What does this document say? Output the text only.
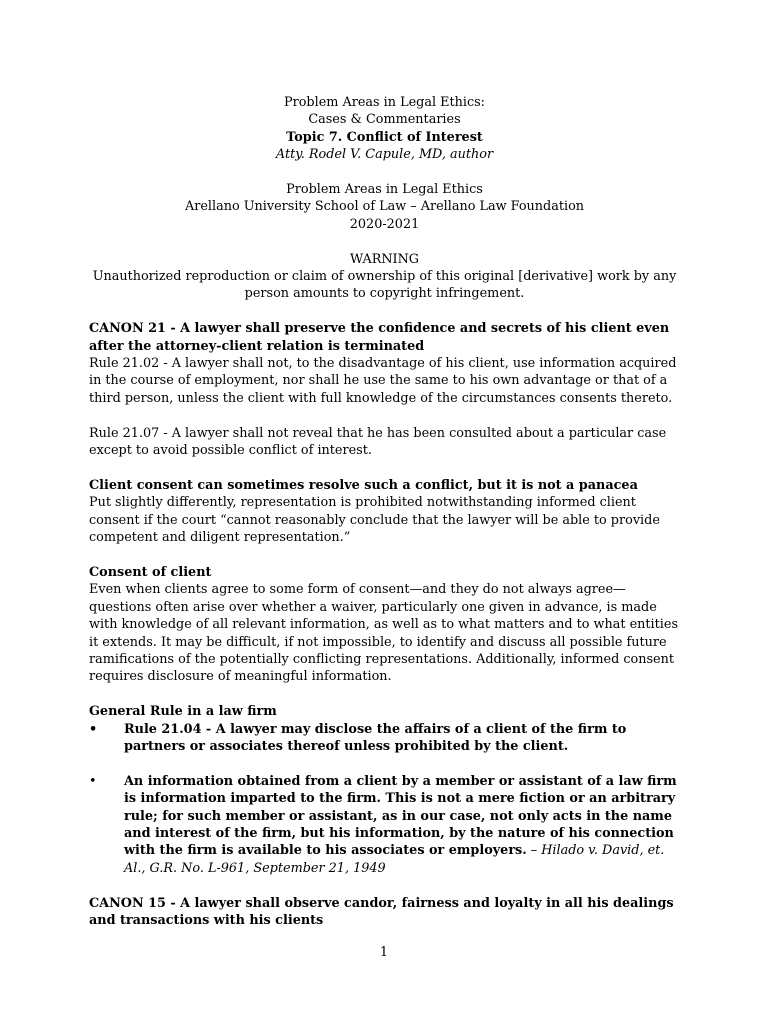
Problem Areas in Legal Ethics:

Cases & Commentaries

Topic 7. Conflict of Interest

Atty. Rodel V. Capule, MD, author

Problem Areas in Legal Ethics

Arellano University School of Law – Arellano Law Foundation

2020-2021

WARNING

Unauthorized reproduction or claim of ownership of this original [derivative] work by any person amounts to copyright infringement.

CANON 21 - A lawyer shall preserve the confidence and secrets of his client even after the attorney-client relation is terminated

Rule 21.02 - A lawyer shall not, to the disadvantage of his client, use information acquired in the course of employment, nor shall he use the same to his own advantage or that of a third person, unless the client with full knowledge of the circumstances consents thereto.

Rule 21.07 - A lawyer shall not reveal that he has been consulted about a particular case except to avoid possible conflict of interest.

Client consent can sometimes resolve such a conflict, but it is not a panacea

Put slightly differently, representation is prohibited notwithstanding informed client consent if the court “cannot reasonably conclude that the lawyer will be able to provide competent and diligent representation.”

Consent of client

Even when clients agree to some form of consent—and they do not always agree—questions often arise over whether a waiver, particularly one given in advance, is made with knowledge of all relevant information, as well as to what matters and to what entities it extends. It may be difficult, if not impossible, to identify and discuss all possible future ramifications of the potentially conflicting representations. Additionally, informed consent requires disclosure of meaningful information.

General Rule in a law firm

• Rule 21.04 - A lawyer may disclose the affairs of a client of the firm to partners or associates thereof unless prohibited by the client.
• An information obtained from a client by a member or assistant of a law firm is information imparted to the firm. This is not a mere fiction or an arbitrary rule; for such member or assistant, as in our case, not only acts in the name and interest of the firm, but his information, by the nature of his connection with the firm is available to his associates or employers. – Hilado v. David, et. Al., G.R. No. L-961, September 21, 1949

CANON 15 - A lawyer shall observe candor, fairness and loyalty in all his dealings and transactions with his clients

1
